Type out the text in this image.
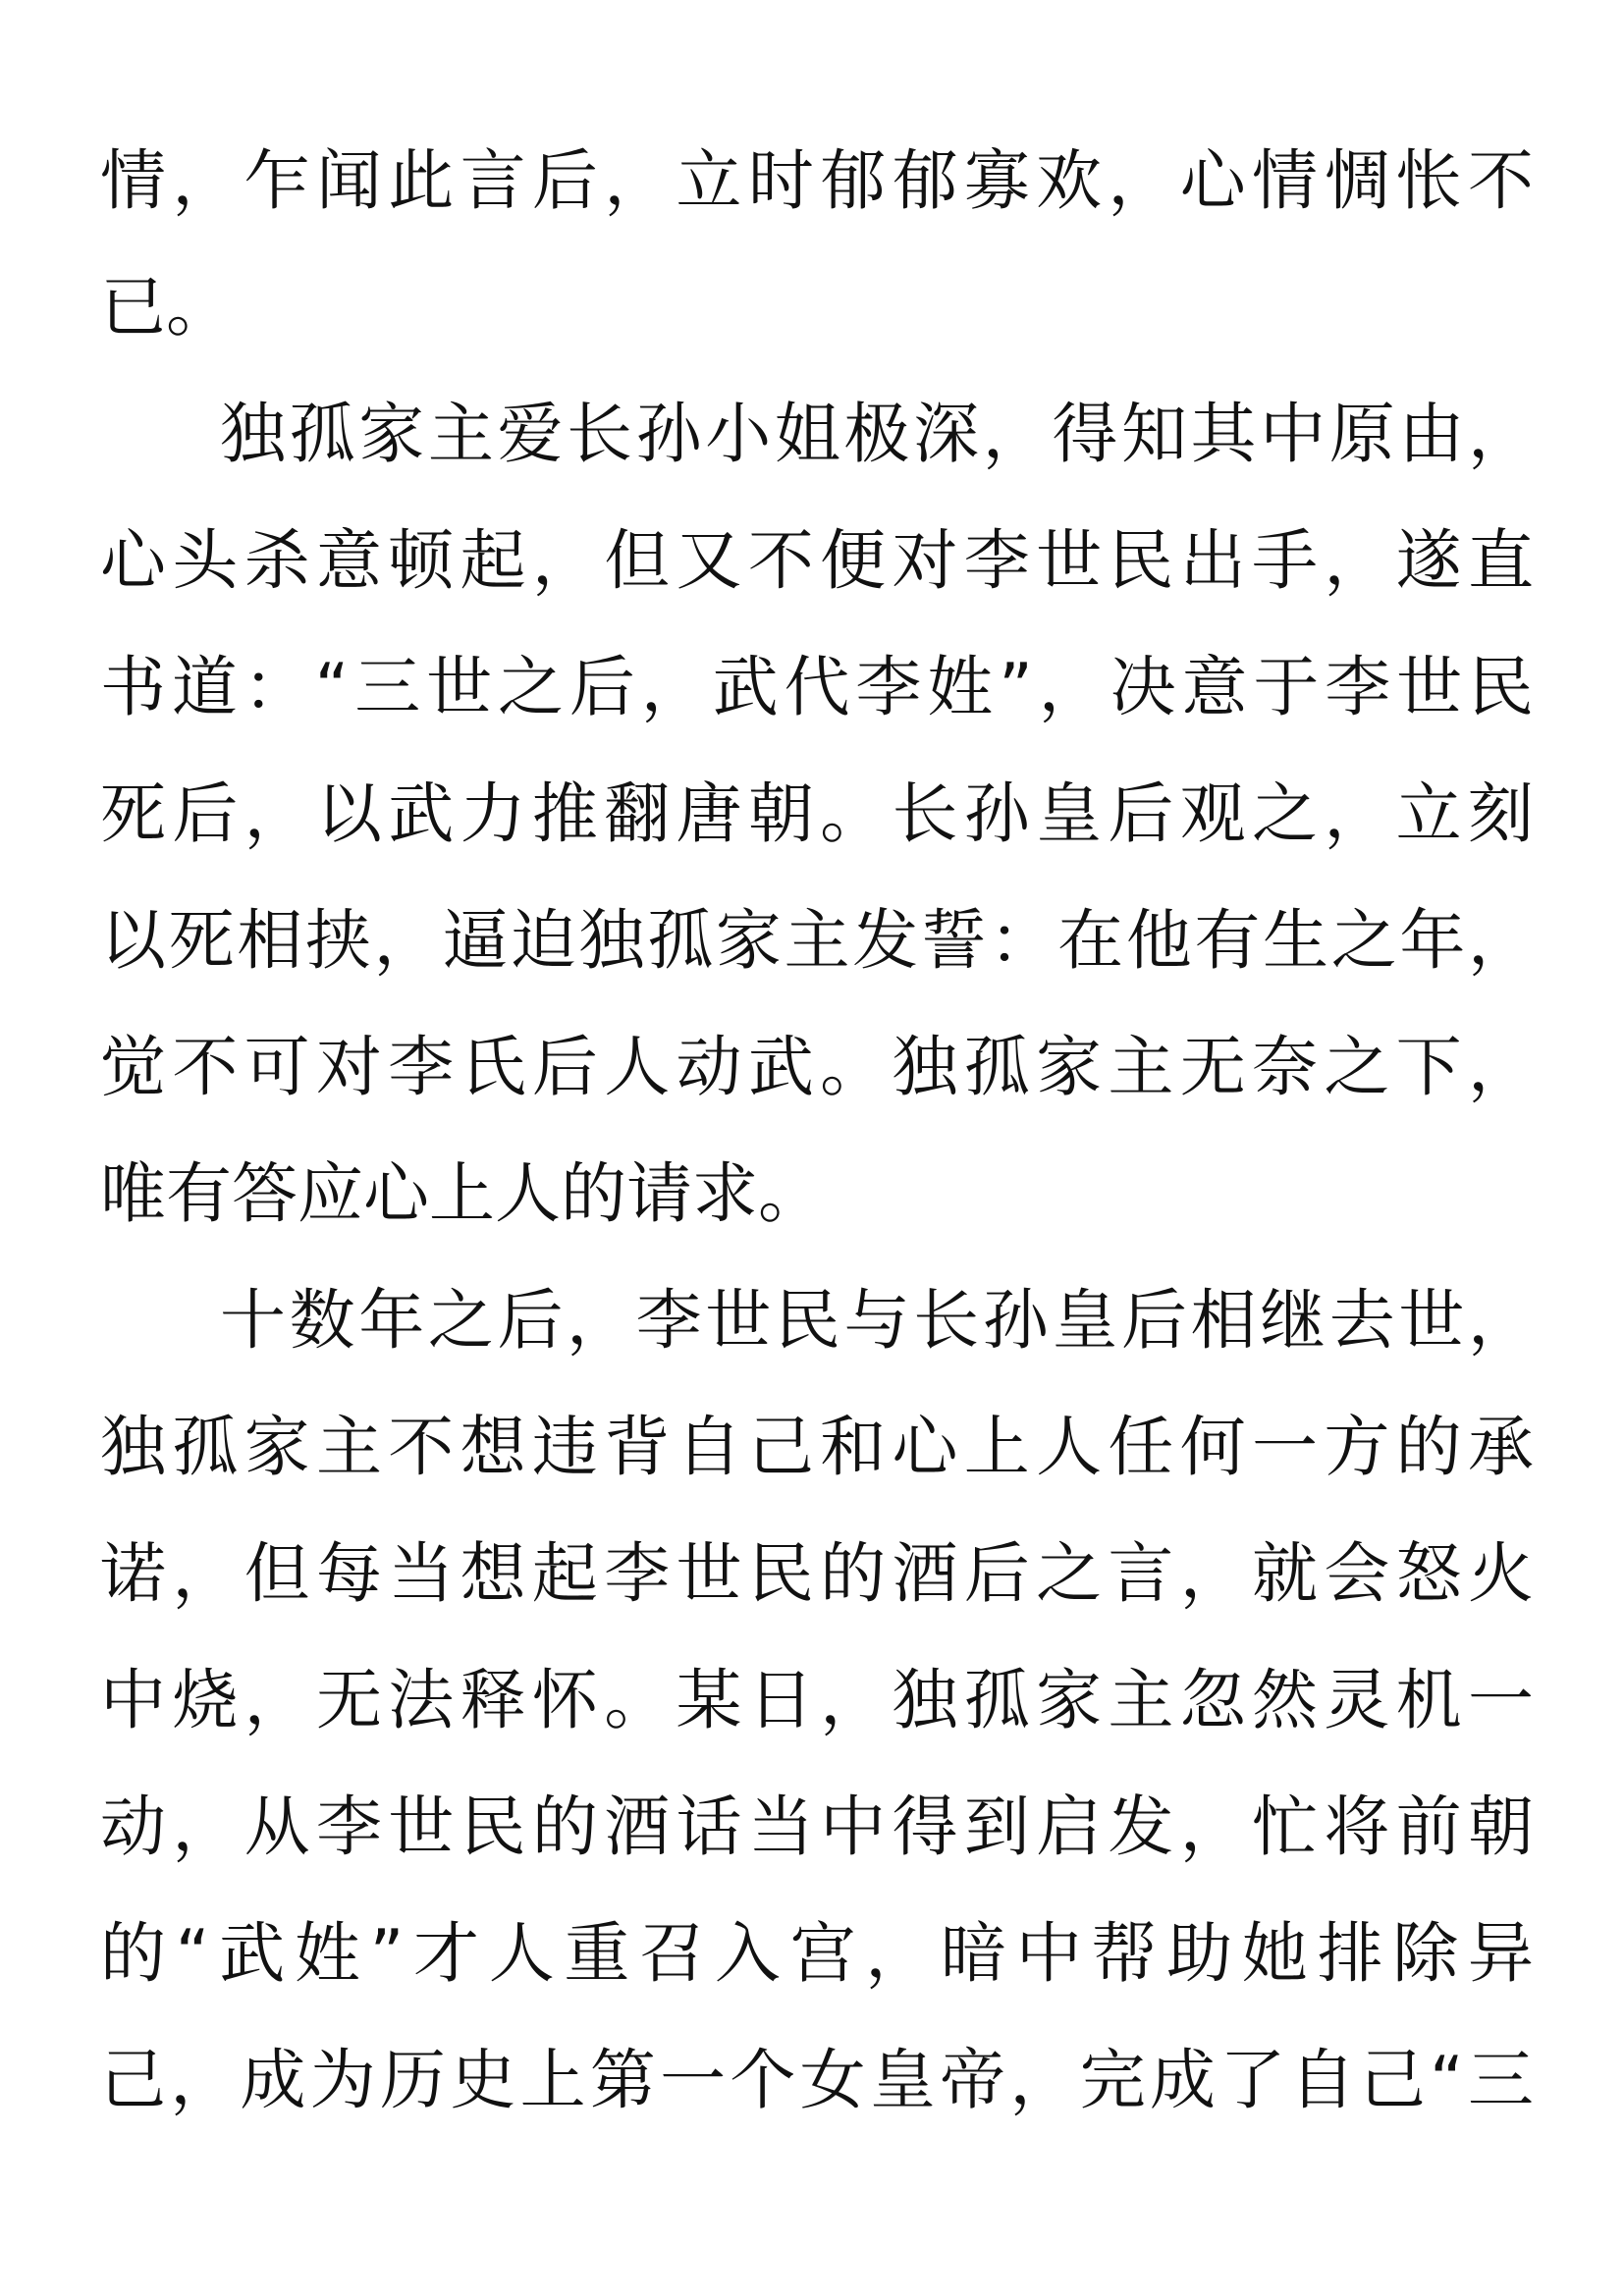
情，乍闻此言后，立时郁郁寡欢，心情惆怅不
已。
独孤家主爱长孙小姐极深，得知其中原由，
心头杀意顿起，但又不便对李世民出手，遂直
书道：“三世之后，武代李姓”，决意于李世民
死后，以武力推翻唐朝。长孙皇后观之，立刻
以死相挟，逼迫独孤家主发誓：在他有生之年，
觉不可对李氏后人动武。独孤家主无奈之下，
唯有答应心上人的请求。
十数年之后，李世民与长孙皇后相继去世，
独孤家主不想违背自己和心上人任何一方的承
诺，但每当想起李世民的酒后之言，就会怒火
中烧，无法释怀。某日，独孤家主忽然灵机一
动，从李世民的酒话当中得到启发，忙将前朝
的“武姓”才人重召入宫，暗中帮助她排除异
己，成为历史上第一个女皇帝，完成了自己“三
